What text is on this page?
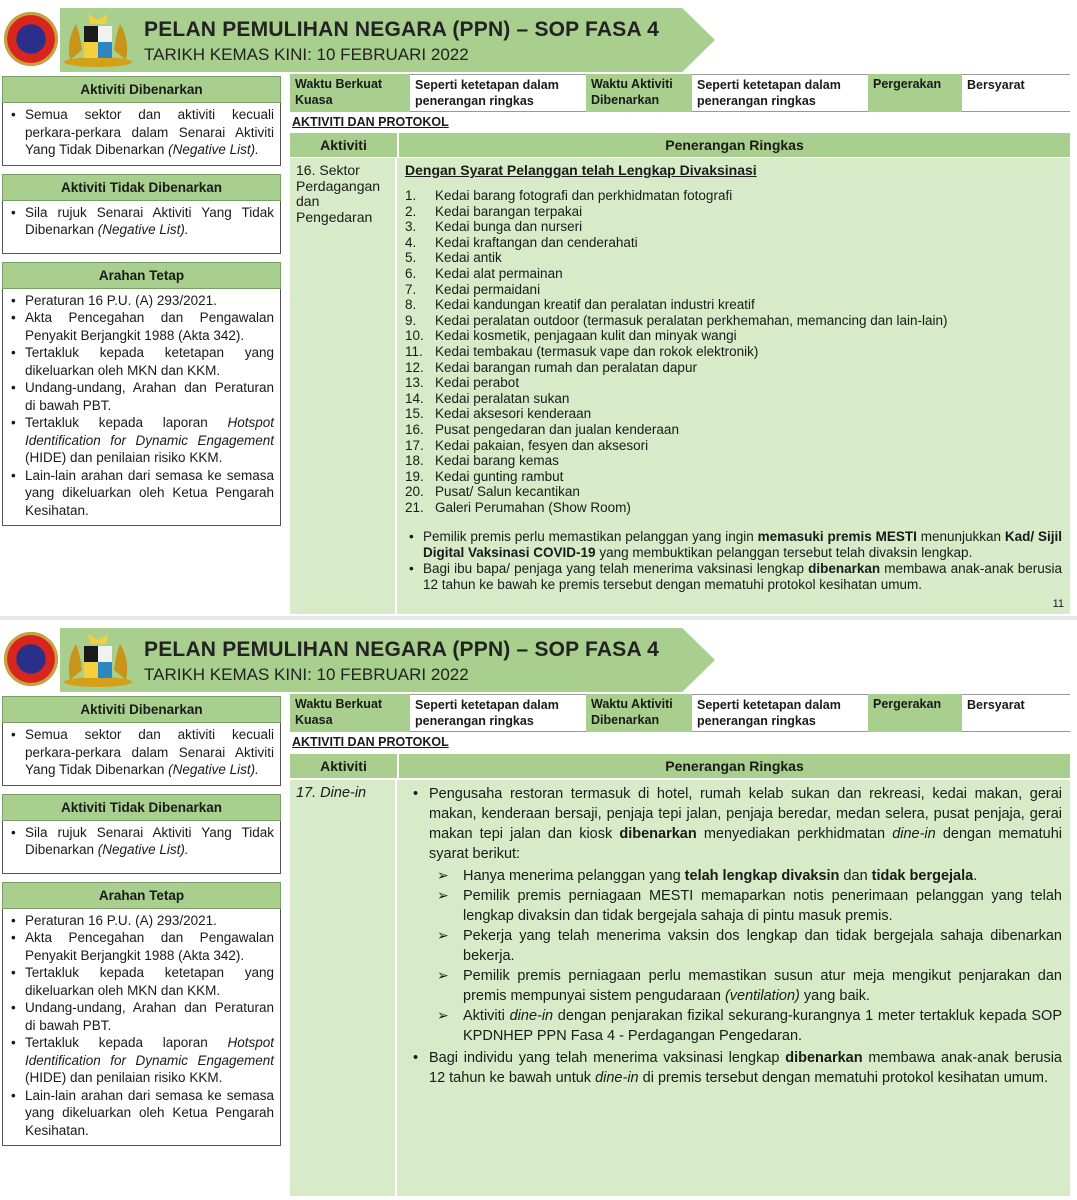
PELAN PEMULIHAN NEGARA (PPN) – SOP FASA 4
TARIKH KEMAS KINI: 10 FEBRUARI 2022
Aktiviti Dibenarkan
• Semua sektor dan aktiviti kecuali perkara-perkara dalam Senarai Aktiviti Yang Tidak Dibenarkan (Negative List).
Aktiviti Tidak Dibenarkan
• Sila rujuk Senarai Aktiviti Yang Tidak Dibenarkan (Negative List).
Arahan Tetap
• Peraturan 16 P.U. (A) 293/2021.
• Akta Pencegahan dan Pengawalan Penyakit Berjangkit 1988 (Akta 342).
• Tertakluk kepada ketetapan yang dikeluarkan oleh MKN dan KKM.
• Undang-undang, Arahan dan Peraturan di bawah PBT.
• Tertakluk kepada laporan Hotspot Identification for Dynamic Engagement (HIDE) dan penilaian risiko KKM.
• Lain-lain arahan dari semasa ke semasa yang dikeluarkan oleh Ketua Pengarah Kesihatan.
Waktu Berkuat Kuasa
Seperti ketetapan dalam penerangan ringkas
Waktu Aktiviti Dibenarkan
Seperti ketetapan dalam penerangan ringkas
Pergerakan	Bersyarat
AKTIVITI DAN PROTOKOL
Aktiviti	Penerangan Ringkas
16. Sektor Perdagangan dan Pengedaran
Dengan Syarat Pelanggan telah Lengkap Divaksinasi
1.	Kedai barang fotografi dan perkhidmatan fotografi
2.	Kedai barangan terpakai
3.	Kedai bunga dan nurseri
4.	Kedai kraftangan dan cenderahati
5.	Kedai antik
6.	Kedai alat permainan
7.	Kedai permaidani
8.	Kedai kandungan kreatif dan peralatan industri kreatif
9.	Kedai peralatan outdoor (termasuk peralatan perkhemahan, memancing dan lain-lain)
10. Kedai kosmetik, penjagaan kulit dan minyak wangi
11. Kedai tembakau (termasuk vape dan rokok elektronik)
12. Kedai barangan rumah dan peralatan dapur
13. Kedai perabot
14. Kedai peralatan sukan
15. Kedai aksesori kenderaan
16. Pusat pengedaran dan jualan kenderaan
17. Kedai pakaian, fesyen dan aksesori
18. Kedai barang kemas
19. Kedai gunting rambut
20. Pusat/ Salun kecantikan
21. Galeri Perumahan (Show Room)
• Pemilik premis perlu memastikan pelanggan yang ingin memasuki premis MESTI menunjukkan Kad/ Sijil Digital Vaksinasi COVID-19 yang membuktikan pelanggan tersebut telah divaksin lengkap.
• Bagi ibu bapa/ penjaga yang telah menerima vaksinasi lengkap dibenarkan membawa anak-anak berusia 12 tahun ke bawah ke premis tersebut dengan mematuhi protokol kesihatan umum.
11
PELAN PEMULIHAN NEGARA (PPN) – SOP FASA 4
TARIKH KEMAS KINI: 10 FEBRUARI 2022
Aktiviti Dibenarkan
• Semua sektor dan aktiviti kecuali perkara-perkara dalam Senarai Aktiviti Yang Tidak Dibenarkan (Negative List).
Aktiviti Tidak Dibenarkan
• Sila rujuk Senarai Aktiviti Yang Tidak Dibenarkan (Negative List).
Arahan Tetap
• Peraturan 16 P.U. (A) 293/2021.
• Akta Pencegahan dan Pengawalan Penyakit Berjangkit 1988 (Akta 342).
• Tertakluk kepada ketetapan yang dikeluarkan oleh MKN dan KKM.
• Undang-undang, Arahan dan Peraturan di bawah PBT.
• Tertakluk kepada laporan Hotspot Identification for Dynamic Engagement (HIDE) dan penilaian risiko KKM.
• Lain-lain arahan dari semasa ke semasa yang dikeluarkan oleh Ketua Pengarah Kesihatan.
Waktu Berkuat Kuasa
Seperti ketetapan dalam penerangan ringkas
Waktu Aktiviti Dibenarkan
Seperti ketetapan dalam penerangan ringkas
Pergerakan	Bersyarat
AKTIVITI DAN PROTOKOL
Aktiviti	Penerangan Ringkas
17. Dine-in
•	Pengusaha restoran termasuk di hotel, rumah kelab sukan dan rekreasi, kedai makan, gerai makan, kenderaan bersaji, penjaja tepi jalan, penjaja beredar, medan selera, pusat penjaja, gerai makan tepi jalan dan kiosk dibenarkan menyediakan perkhidmatan dine-in dengan mematuhi syarat berikut:
➢ Hanya menerima pelanggan yang telah lengkap divaksin dan tidak bergejala.
➢ Pemilik premis perniagaan MESTI memaparkan notis penerimaan pelanggan yang telah lengkap divaksin dan tidak bergejala sahaja di pintu masuk premis.
➢ Pekerja yang telah menerima vaksin dos lengkap dan tidak bergejala sahaja dibenarkan bekerja.
➢ Pemilik premis perniagaan perlu memastikan susun atur meja mengikut penjarakan dan premis mempunyai sistem pengudaraan (ventilation) yang baik.
➢ Aktiviti dine-in dengan penjarakan fizikal sekurang-kurangnya 1 meter tertakluk kepada SOP KPDNHEP PPN Fasa 4 - Perdagangan Pengedaran.
• Bagi individu yang telah menerima vaksinasi lengkap dibenarkan membawa anak-anak berusia 12 tahun ke bawah untuk dine-in di premis tersebut dengan mematuhi protokol kesihatan umum.
